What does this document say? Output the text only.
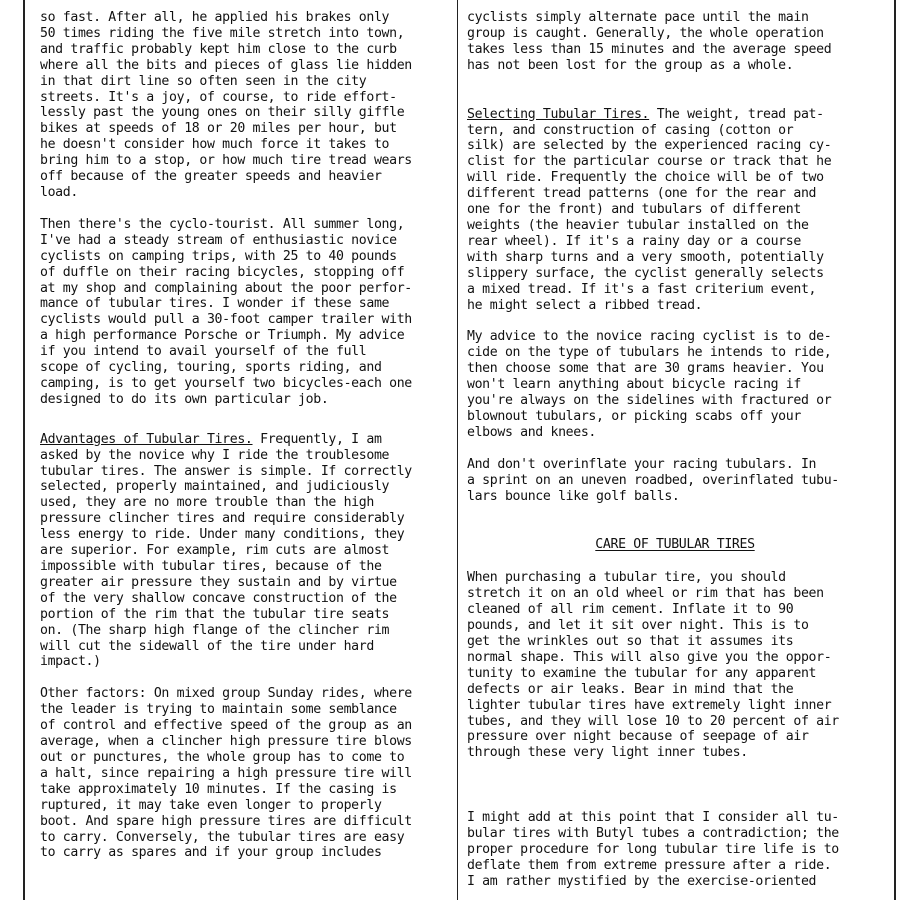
so fast. After all, he applied his brakes only
50 times riding the five mile stretch into town,
and traffic probably kept him close to the curb
where all the bits and pieces of glass lie hidden
in that dirt line so often seen in the city
streets. It's a joy, of course, to ride effort-
lessly past the young ones on their silly giffle
bikes at speeds of 18 or 20 miles per hour, but
he doesn't consider how much force it takes to
bring him to a stop, or how much tire tread wears
off because of the greater speeds and heavier
load.

Then there's the cyclo-tourist. All summer long,
I've had a steady stream of enthusiastic novice
cyclists on camping trips, with 25 to 40 pounds
of duffle on their racing bicycles, stopping off
at my shop and complaining about the poor perfor-
mance of tubular tires. I wonder if these same
cyclists would pull a 30-foot camper trailer with
a high performance Porsche or Triumph. My advice
if you intend to avail yourself of the full
scope of cycling, touring, sports riding, and
camping, is to get yourself two bicycles-each one
designed to do its own particular job.

Advantages of Tubular Tires. Frequently, I am
asked by the novice why I ride the troublesome
tubular tires. The answer is simple. If correctly
selected, properly maintained, and judiciously
used, they are no more trouble than the high
pressure clincher tires and require considerably
less energy to ride. Under many conditions, they
are superior. For example, rim cuts are almost
impossible with tubular tires, because of the
greater air pressure they sustain and by virtue
of the very shallow concave construction of the
portion of the rim that the tubular tire seats
on. (The sharp high flange of the clincher rim
will cut the sidewall of the tire under hard
impact.)

Other factors: On mixed group Sunday rides, where
the leader is trying to maintain some semblance
of control and effective speed of the group as an
average, when a clincher high pressure tire blows
out or punctures, the whole group has to come to
a halt, since repairing a high pressure tire will
take approximately 10 minutes. If the casing is
ruptured, it may take even longer to properly
boot. And spare high pressure tires are difficult
to carry. Conversely, the tubular tires are easy
to carry as spares and if your group includes

cyclists simply alternate pace until the main
group is caught. Generally, the whole operation
takes less than 15 minutes and the average speed
has not been lost for the group as a whole.

Selecting Tubular Tires. The weight, tread pat-
tern, and construction of casing (cotton or
silk) are selected by the experienced racing cy-
clist for the particular course or track that he
will ride. Frequently the choice will be of two
different tread patterns (one for the rear and
one for the front) and tubulars of different
weights (the heavier tubular installed on the
rear wheel). If it's a rainy day or a course
with sharp turns and a very smooth, potentially
slippery surface, the cyclist generally selects
a mixed tread. If it's a fast criterium event,
he might select a ribbed tread.

My advice to the novice racing cyclist is to de-
cide on the type of tubulars he intends to ride,
then choose some that are 30 grams heavier. You
won't learn anything about bicycle racing if
you're always on the sidelines with fractured or
blownout tubulars, or picking scabs off your
elbows and knees.

And don't overinflate your racing tubulars. In
a sprint on an uneven roadbed, overinflated tubu-
lars bounce like golf balls.

CARE OF TUBULAR TIRES

When purchasing a tubular tire, you should
stretch it on an old wheel or rim that has been
cleaned of all rim cement. Inflate it to 90
pounds, and let it sit over night. This is to
get the wrinkles out so that it assumes its
normal shape. This will also give you the oppor-
tunity to examine the tubular for any apparent
defects or air leaks. Bear in mind that the
lighter tubular tires have extremely light inner
tubes, and they will lose 10 to 20 percent of air
pressure over night because of seepage of air
through these very light inner tubes.

I might add at this point that I consider all tu-
bular tires with Butyl tubes a contradiction; the
proper procedure for long tubular tire life is to
deflate them from extreme pressure after a ride.
I am rather mystified by the exercise-oriented
